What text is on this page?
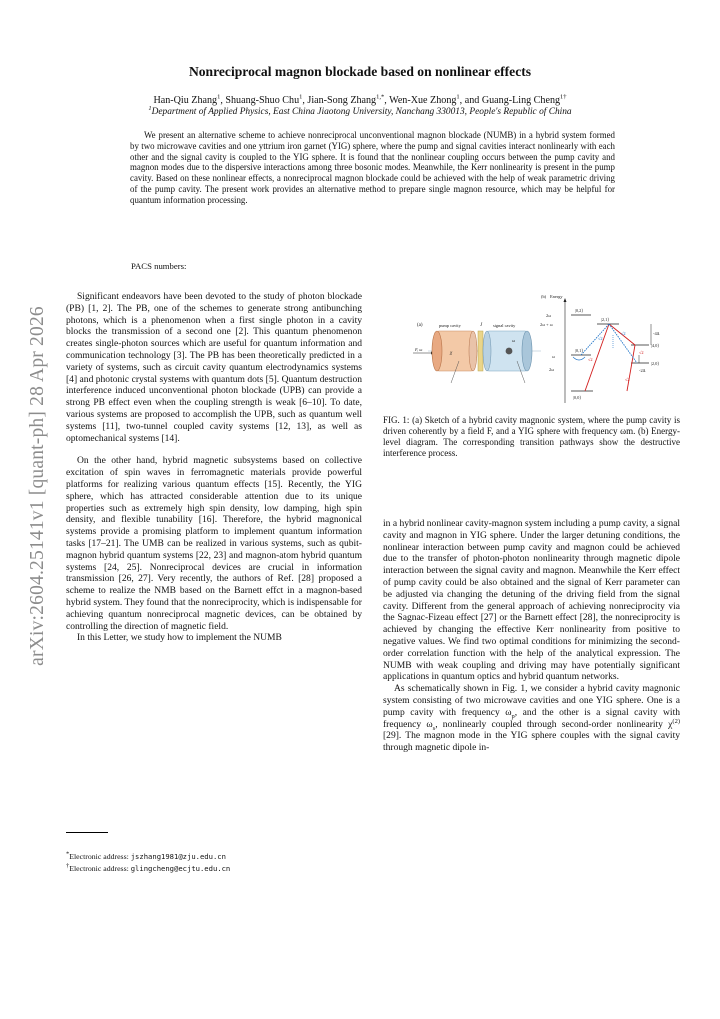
arXiv:2604.25141v1 [quant-ph] 28 Apr 2026
Nonreciprocal magnon blockade based on nonlinear effects
Han-Qiu Zhang$^1$, Shuang-Shuo Chu$^1$, Jian-Song Zhang$^{1,*}$, Wen-Xue Zhong$^1$, and Guang-Ling Cheng$^{1\dagger}$
$^1$Department of Applied Physics, East China Jiaotong University, Nanchang 330013, People's Republic of China

We present an alternative scheme to achieve nonreciprocal unconventional magnon blockade (NUMB) in a hybrid system formed by two microwave cavities and one yttrium iron garnet (YIG) sphere, where the pump and signal cavities interact nonlinearly with each other and the signal cavity is coupled to the YIG sphere. It is found that the nonlinear coupling occurs between the pump cavity and magnon modes due to the dispersive interactions among three bosonic modes. Meanwhile, the Kerr nonlinearity is present in the pump cavity. Based on these nonlinear effects, a nonreciprocal magnon blockade could be achieved with the help of weak parametric driving of the pump cavity. The present work provides an alternative method to prepare single magnon resource, which may be helpful for quantum information processing.

PACS numbers:

Significant endeavors have been devoted to the study of photon blockade (PB) [1, 2]. The PB, one of the schemes to generate strong antibunching photons, which is a phenomenon when a first single photon in a cavity blocks the transmission of a second one [2]. This quantum phenomenon creates single-photon sources which are useful for quantum information and communication technology [3]. The PB has been theoretically predicted in a variety of systems, such as circuit cavity quantum electrodynamics systems [4] and photonic crystal systems with quantum dots [5]. Quantum destruction interference induced unconventional photon blockade (UPB) can provide a strong PB effect even when the coupling strength is weak [6–10]. To date, various systems are proposed to accomplish the UPB, such as quantum well systems [11], two-tunnel coupled cavity systems [12, 13], as well as optomechanical systems [14].

On the other hand, hybrid magnetic subsystems based on collective excitation of spin waves in ferromagnetic materials provide powerful platforms for realizing various quantum effects [15]. Recently, the YIG sphere, which has attracted considerable attention due to its unique properties such as extremely high spin density, low damping, high spin density, and flexible tunability [16]. Therefore, the hybrid magnonical systems provide a promising platform to implement quantum information tasks [17–21]. The UMB can be realized in various systems, such as qubit-magnon hybrid quantum systems [22, 23] and magnon-atom hybrid quantum systems [24, 25]. Nonreciprocal devices are crucial in information transmission [26, 27]. Very recently, the authors of Ref. [28] proposed a scheme to realize the NMB based on the Barnett effct in a magnon-based hybrid system. They found that the nonreciprocity, which is indispensable for achieving quantum nonreciprocal magnetic devices, can be obtained by controlling the direction of magnetic field.

In this Letter, we study how to implement the NUMB

*Electronic address: jszhang1981@zju.edu.cn
†Electronic address: glingcheng@ecjtu.edu.cn
(a)	pump cavity	signal cavity
J
F, ω
χ
ω
(b) Energy
2ω
2ω + ω
ω
2ω
|0,2⟩
|2,1⟩
|0,1⟩
|4,0⟩
|2,0⟩
|0,0⟩
√2
√2
√2
√2
√2
-4Δ
-2Δ

FIG. 1: (a) Sketch of a hybrid cavity magnonic system, where the pump cavity is driven coherently by a field F, and a YIG sphere with frequency ωm. (b) Energy-level diagram. The corresponding transition pathways show the destructive interference process.

in a hybrid nonlinear cavity-magnon system including a pump cavity, a signal cavity and magnon in YIG sphere. Under the larger detuning conditions, the nonlinear interaction between pump cavity and magnon could be achieved due to the transfer of photon-photon nonlinearity through magnetic dipole interaction between the signal cavity and magnon. Meanwhile the Kerr effect of pump cavity could be also obtained and the signal of Kerr parameter can be adjusted via changing the detuning of the driving field from the signal cavity. Different from the general approach of achieving nonreciprocity via the Sagnac-Fizeau effect [27] or the Barnett effect [28], the nonreciprocity is achieved by changing the effective Kerr nonlinearity from positive to negative values. We find two optimal conditions for minimizing the second-order correlation function with the help of the analytical expression. The NUMB with weak coupling and driving may have potentially significant applications in quantum optics and hybrid quantum networks.

As schematically shown in Fig. 1, we consider a hybrid cavity magnonic system consisting of two microwave cavities and one YIG sphere. One is a pump cavity with frequency $\omega_p$, and the other is a signal cavity with frequency $\omega_s$, nonlinearly coupled through second-order nonlinearity $\chi^{(2)}$ [29]. The magnon mode in the YIG sphere couples with the signal cavity through magnetic dipole in-
